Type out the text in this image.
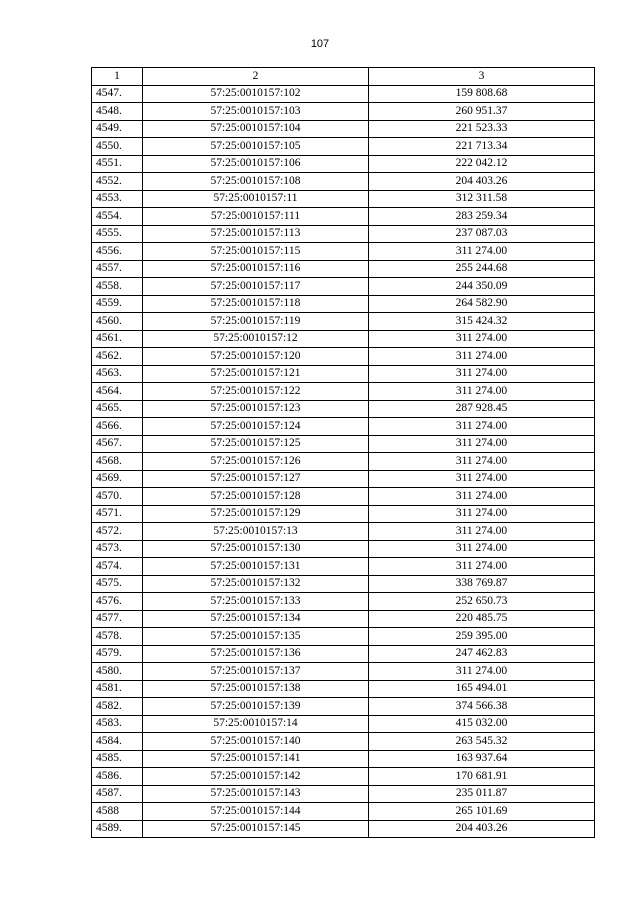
107
1	2	3
4547.	57:25:0010157:102	159 808.68
4548.	57:25:0010157:103	260 951.37
4549.	57:25:0010157:104	221 523.33
4550.	57:25:0010157:105	221 713.34
4551.	57:25:0010157:106	222 042.12
4552.	57:25:0010157:108	204 403.26
4553.	57:25:0010157:11	312 311.58
4554.	57:25:0010157:111	283 259.34
4555.	57:25:0010157:113	237 087.03
4556.	57:25:0010157:115	311 274.00
4557.	57:25:0010157:116	255 244.68
4558.	57:25:0010157:117	244 350.09
4559.	57:25:0010157:118	264 582.90
4560.	57:25:0010157:119	315 424.32
4561.	57:25:0010157:12	311 274.00
4562.	57:25:0010157:120	311 274.00
4563.	57:25:0010157:121	311 274.00
4564.	57:25:0010157:122	311 274.00
4565.	57:25:0010157:123	287 928.45
4566.	57:25:0010157:124	311 274.00
4567.	57:25:0010157:125	311 274.00
4568.	57:25:0010157:126	311 274.00
4569.	57:25:0010157:127	311 274.00
4570.	57:25:0010157:128	311 274.00
4571.	57:25:0010157:129	311 274.00
4572.	57:25:0010157:13	311 274.00
4573.	57:25:0010157:130	311 274.00
4574.	57:25:0010157:131	311 274.00
4575.	57:25:0010157:132	338 769.87
4576.	57:25:0010157:133	252 650.73
4577.	57:25:0010157:134	220 485.75
4578.	57:25:0010157:135	259 395.00
4579.	57:25:0010157:136	247 462.83
4580.	57:25:0010157:137	311 274.00
4581.	57:25:0010157:138	165 494.01
4582.	57:25:0010157:139	374 566.38
4583.	57:25:0010157:14	415 032.00
4584.	57:25:0010157:140	263 545.32
4585.	57:25:0010157:141	163 937.64
4586.	57:25:0010157:142	170 681.91
4587.	57:25:0010157:143	235 011.87
4588	57:25:0010157:144	265 101.69
4589.	57:25:0010157:145	204 403.26
